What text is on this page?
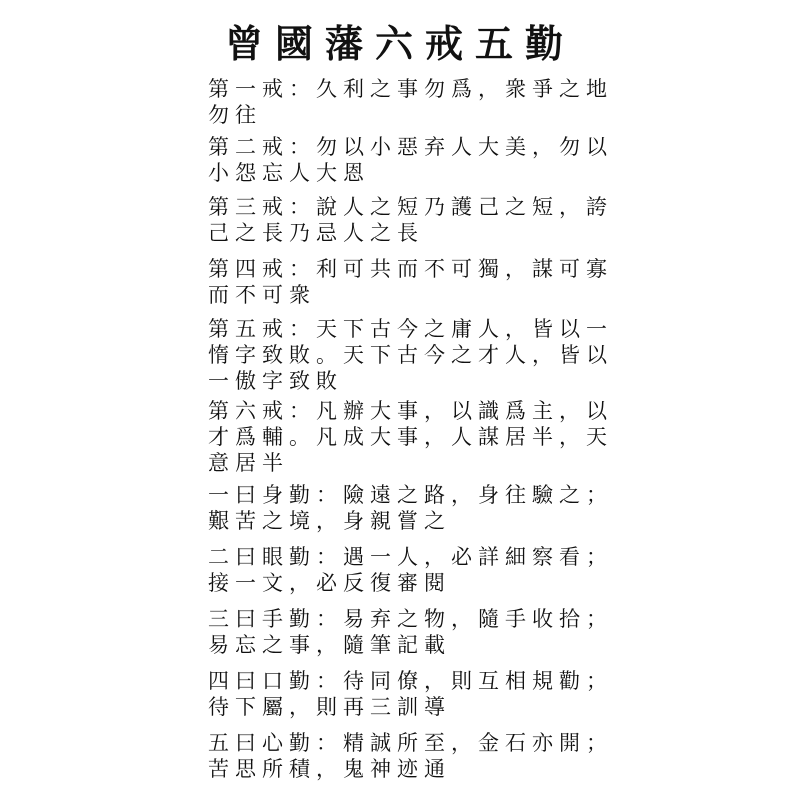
曾國藩六戒五勤
第一戒：久利之事勿爲，衆爭之地
勿往
第二戒：勿以小惡弃人大美，勿以
小怨忘人大恩
第三戒：說人之短乃護己之短，誇
己之長乃忌人之長
第四戒：利可共而不可獨，謀可寡
而不可衆
第五戒：天下古今之庸人，皆以一
惰字致敗。天下古今之才人，皆以
一傲字致敗
第六戒：凡辦大事，以識爲主，以
才爲輔。凡成大事，人謀居半，天
意居半
一曰身勤：險遠之路，身往驗之；
艱苦之境，身親嘗之
二曰眼勤：遇一人，必詳細察看；
接一文，必反復審閱
三曰手勤：易弃之物，隨手收拾；
易忘之事，隨筆記載
四曰口勤：待同僚，則互相規勸；
待下屬，則再三訓導
五曰心勤：精誠所至，金石亦開；
苦思所積，鬼神迹通
